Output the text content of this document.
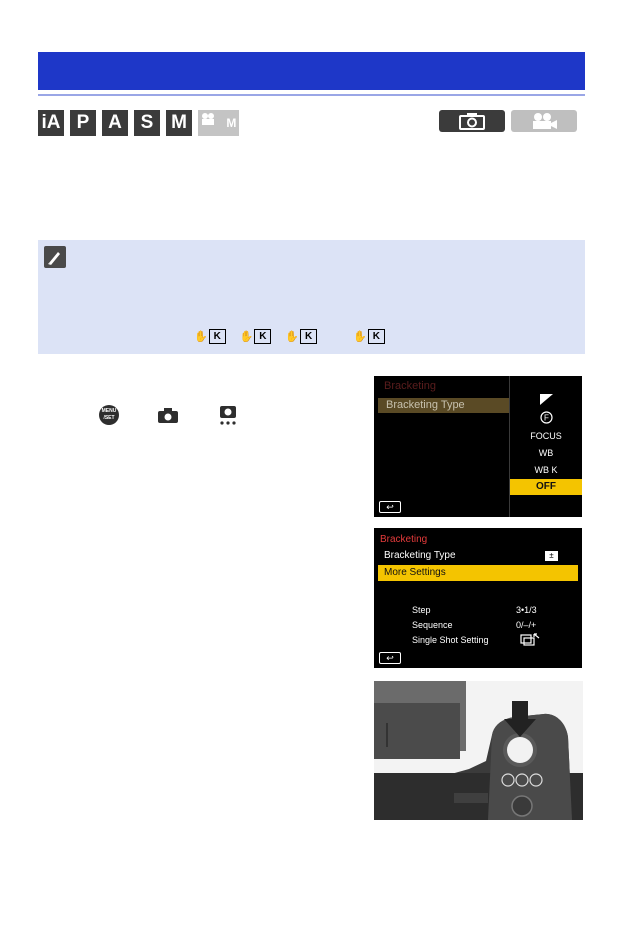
iA P A S M	M
✋ K	✋ K	✋ K	✋ K
MENU /SET
Bracketing
Bracketing Type
F
FOCUS
WB
WB K
OFF
↩
Bracketing
Bracketing Type	±
More Settings
Step	3•1/3
Sequence	0/–/+
Single Shot Setting
↩
